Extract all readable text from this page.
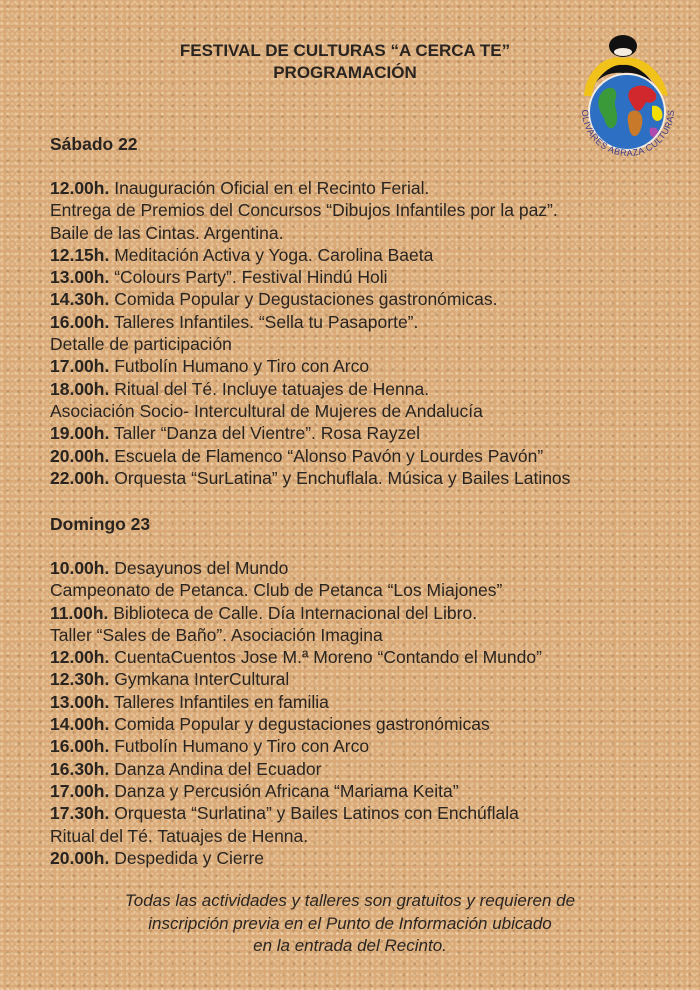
FESTIVAL DE CULTURAS “A CERCA TE”
PROGRAMACIÓN
OLIVARES ABRAZA CULTURAS
Sábado 22
12.00h. Inauguración Oficial en el Recinto Ferial.
Entrega de Premios del Concursos “Dibujos Infantiles por la paz”.
Baile de las Cintas. Argentina.
12.15h. Meditación Activa y Yoga. Carolina Baeta
13.00h. “Colours Party”. Festival Hindú Holi
14.30h. Comida Popular y Degustaciones gastronómicas.
16.00h. Talleres Infantiles. “Sella tu Pasaporte”.
Detalle de participación
17.00h. Futbolín Humano y Tiro con Arco
18.00h. Ritual del Té. Incluye tatuajes de Henna.
Asociación Socio- Intercultural de Mujeres de Andalucía
19.00h. Taller “Danza del Vientre”. Rosa Rayzel
20.00h. Escuela de Flamenco “Alonso Pavón y Lourdes Pavón”
22.00h. Orquesta “SurLatina” y Enchuflala. Música y Bailes Latinos
Domingo 23
10.00h. Desayunos del Mundo
Campeonato de Petanca. Club de Petanca “Los Miajones”
11.00h. Biblioteca de Calle. Día Internacional del Libro.
Taller “Sales de Baño”. Asociación Imagina
12.00h. CuentaCuentos Jose M.ª Moreno “Contando el Mundo”
12.30h. Gymkana InterCultural
13.00h. Talleres Infantiles en familia
14.00h. Comida Popular y degustaciones gastronómicas
16.00h. Futbolín Humano y Tiro con Arco
16.30h. Danza Andina del Ecuador
17.00h. Danza y Percusión Africana “Mariama Keita”
17.30h. Orquesta “Surlatina” y Bailes Latinos con Enchúflala
Ritual del Té. Tatuajes de Henna.
20.00h. Despedida y Cierre
Todas las actividades y talleres son gratuitos y requieren de
inscripción previa en el Punto de Información ubicado
en la entrada del Recinto.
